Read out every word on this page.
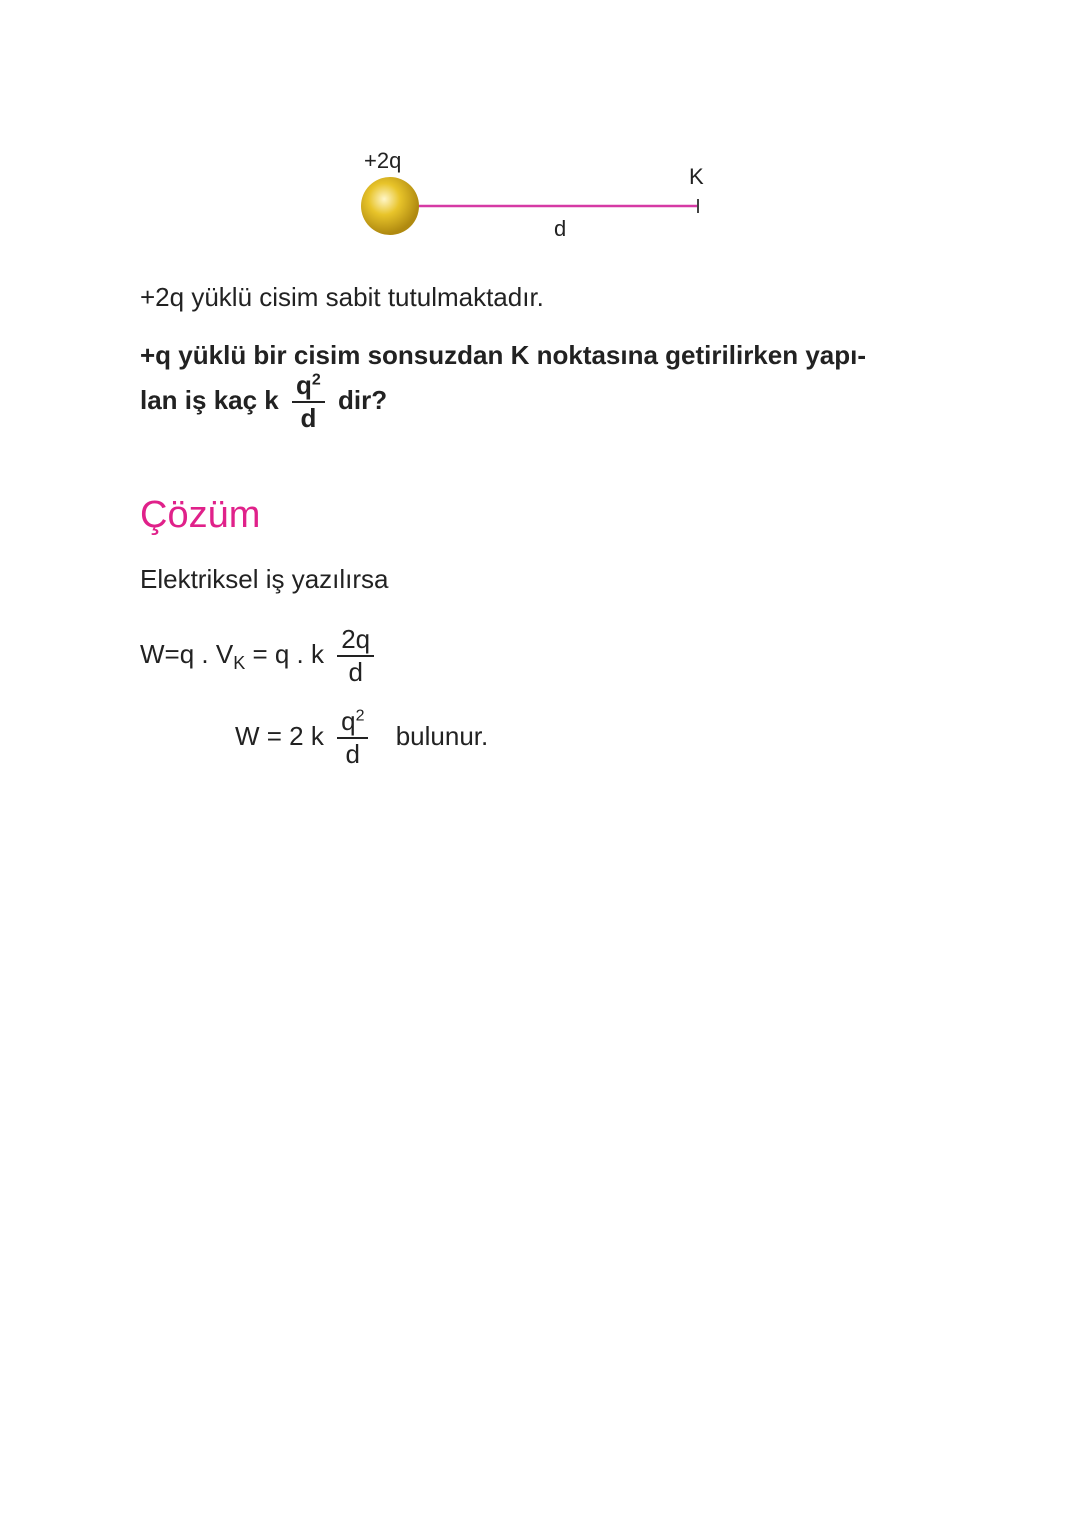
+2q
K
d
+2q yüklü cisim sabit tutulmaktadır.
+q yüklü bir cisim sonsuzdan K noktasına getirilirken yapı-
lan iş kaç k $\frac{q^2}{d}$ dir?
Çözüm
Elektriksel iş yazılırsa
W=q . $V_K = q$ . k $\frac{2q}{d}$
W = 2 k $\frac{q^2}{d}$ bulunur.
